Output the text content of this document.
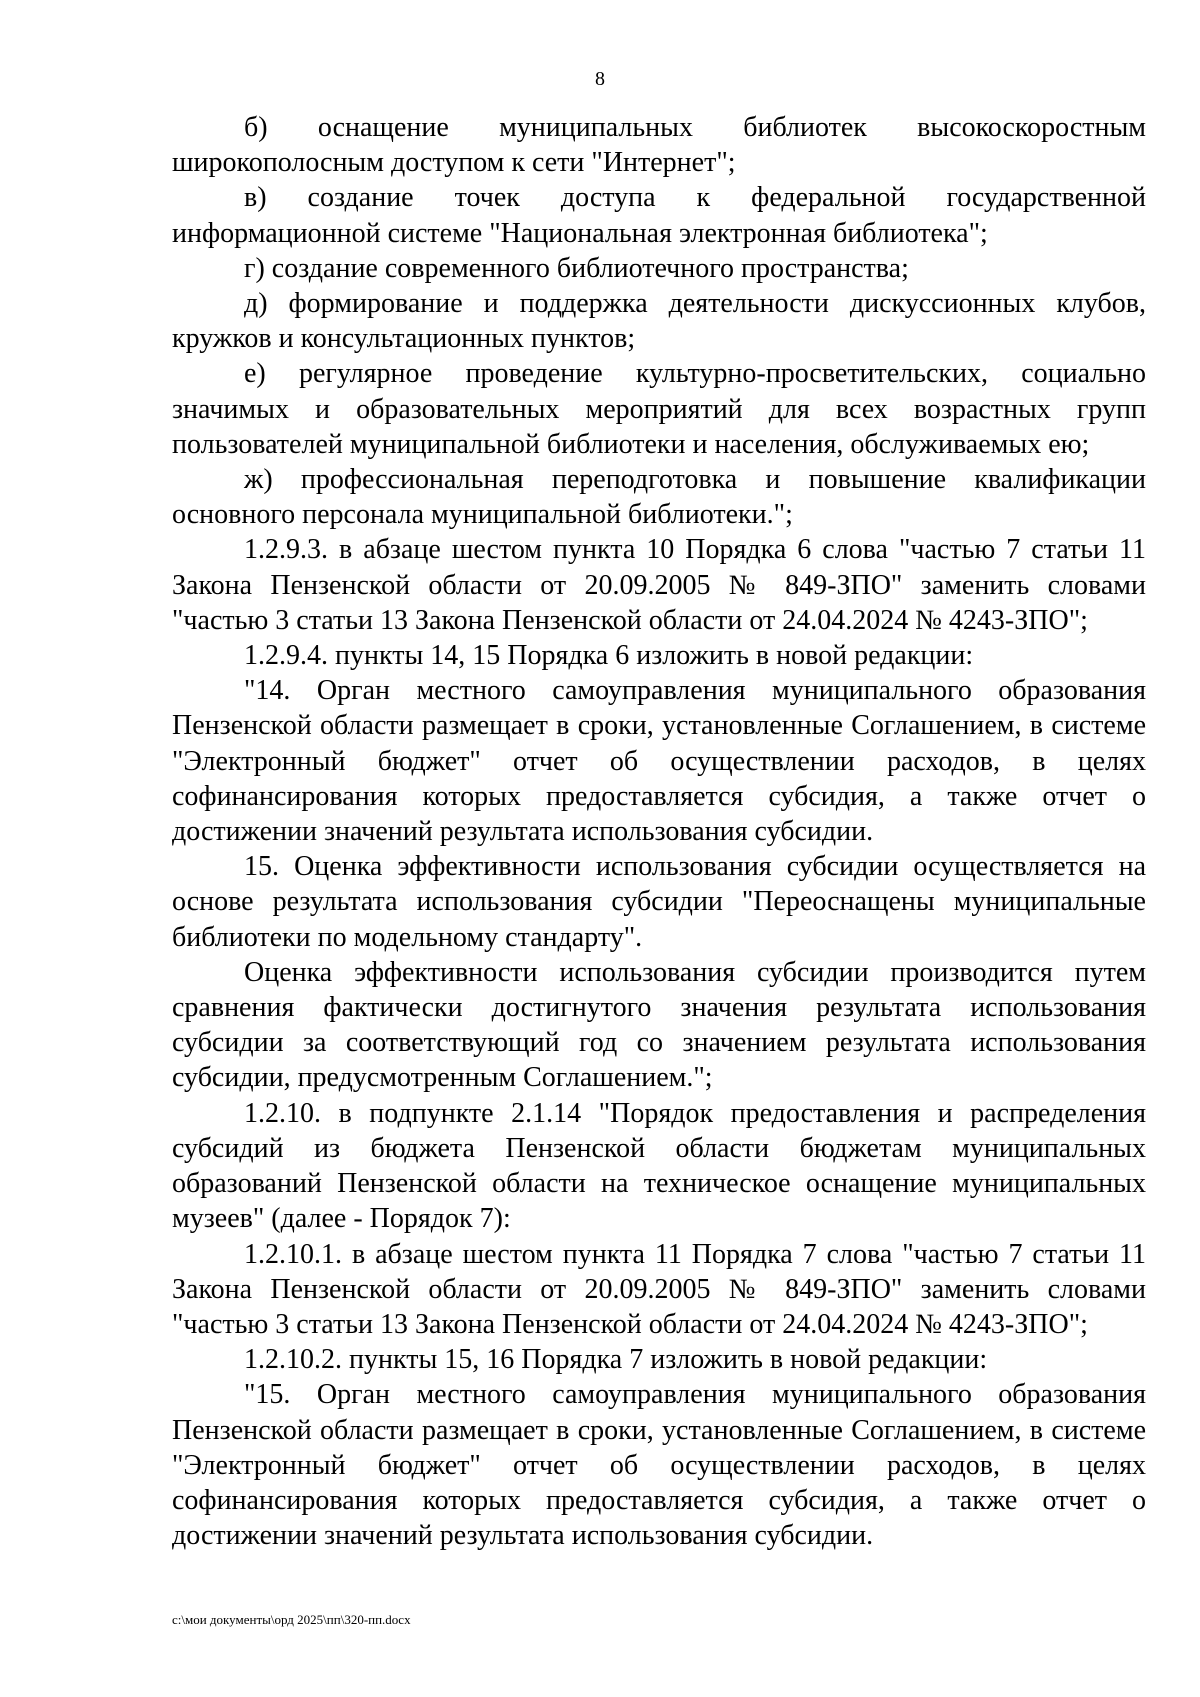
8

б) оснащение муниципальных библиотек высокоскоростным широкополосным доступом к сети "Интернет";

в) создание точек доступа к федеральной государственной информационной системе "Национальная электронная библиотека";

г) создание современного библиотечного пространства;

д) формирование и поддержка деятельности дискуссионных клубов, кружков и консультационных пунктов;

е) регулярное проведение культурно-просветительских, социально значимых и образовательных мероприятий для всех возрастных групп пользователей муниципальной библиотеки и населения, обслуживаемых ею;

ж) профессиональная переподготовка и повышение квалификации основного персонала муниципальной библиотеки.";

1.2.9.3. в абзаце шестом пункта 10 Порядка 6 слова "частью 7 статьи 11 Закона Пензенской области от 20.09.2005 № 849-ЗПО" заменить словами "частью 3 статьи 13 Закона Пензенской области от 24.04.2024 № 4243-ЗПО";

1.2.9.4. пункты 14, 15 Порядка 6 изложить в новой редакции:

"14. Орган местного самоуправления муниципального образования Пензенской области размещает в сроки, установленные Соглашением, в системе "Электронный бюджет" отчет об осуществлении расходов, в целях софинансирования которых предоставляется субсидия, а также отчет о достижении значений результата использования субсидии.

15. Оценка эффективности использования субсидии осуществляется на основе результата использования субсидии "Переоснащены муниципальные библиотеки по модельному стандарту".

Оценка эффективности использования субсидии производится путем сравнения фактически достигнутого значения результата использования субсидии за соответствующий год со значением результата использования субсидии, предусмотренным Соглашением.";

1.2.10. в подпункте 2.1.14 "Порядок предоставления и распределения субсидий из бюджета Пензенской области бюджетам муниципальных образований Пензенской области на техническое оснащение муниципальных музеев" (далее - Порядок 7):

1.2.10.1. в абзаце шестом пункта 11 Порядка 7 слова "частью 7 статьи 11 Закона Пензенской области от 20.09.2005 № 849-ЗПО" заменить словами "частью 3 статьи 13 Закона Пензенской области от 24.04.2024 № 4243-ЗПО";

1.2.10.2. пункты 15, 16 Порядка 7 изложить в новой редакции:

"15. Орган местного самоуправления муниципального образования Пензенской области размещает в сроки, установленные Соглашением, в системе "Электронный бюджет" отчет об осуществлении расходов, в целях софинансирования которых предоставляется субсидия, а также отчет о достижении значений результата использования субсидии.

c:\мои документы\орд 2025\пп\320-пп.docx
